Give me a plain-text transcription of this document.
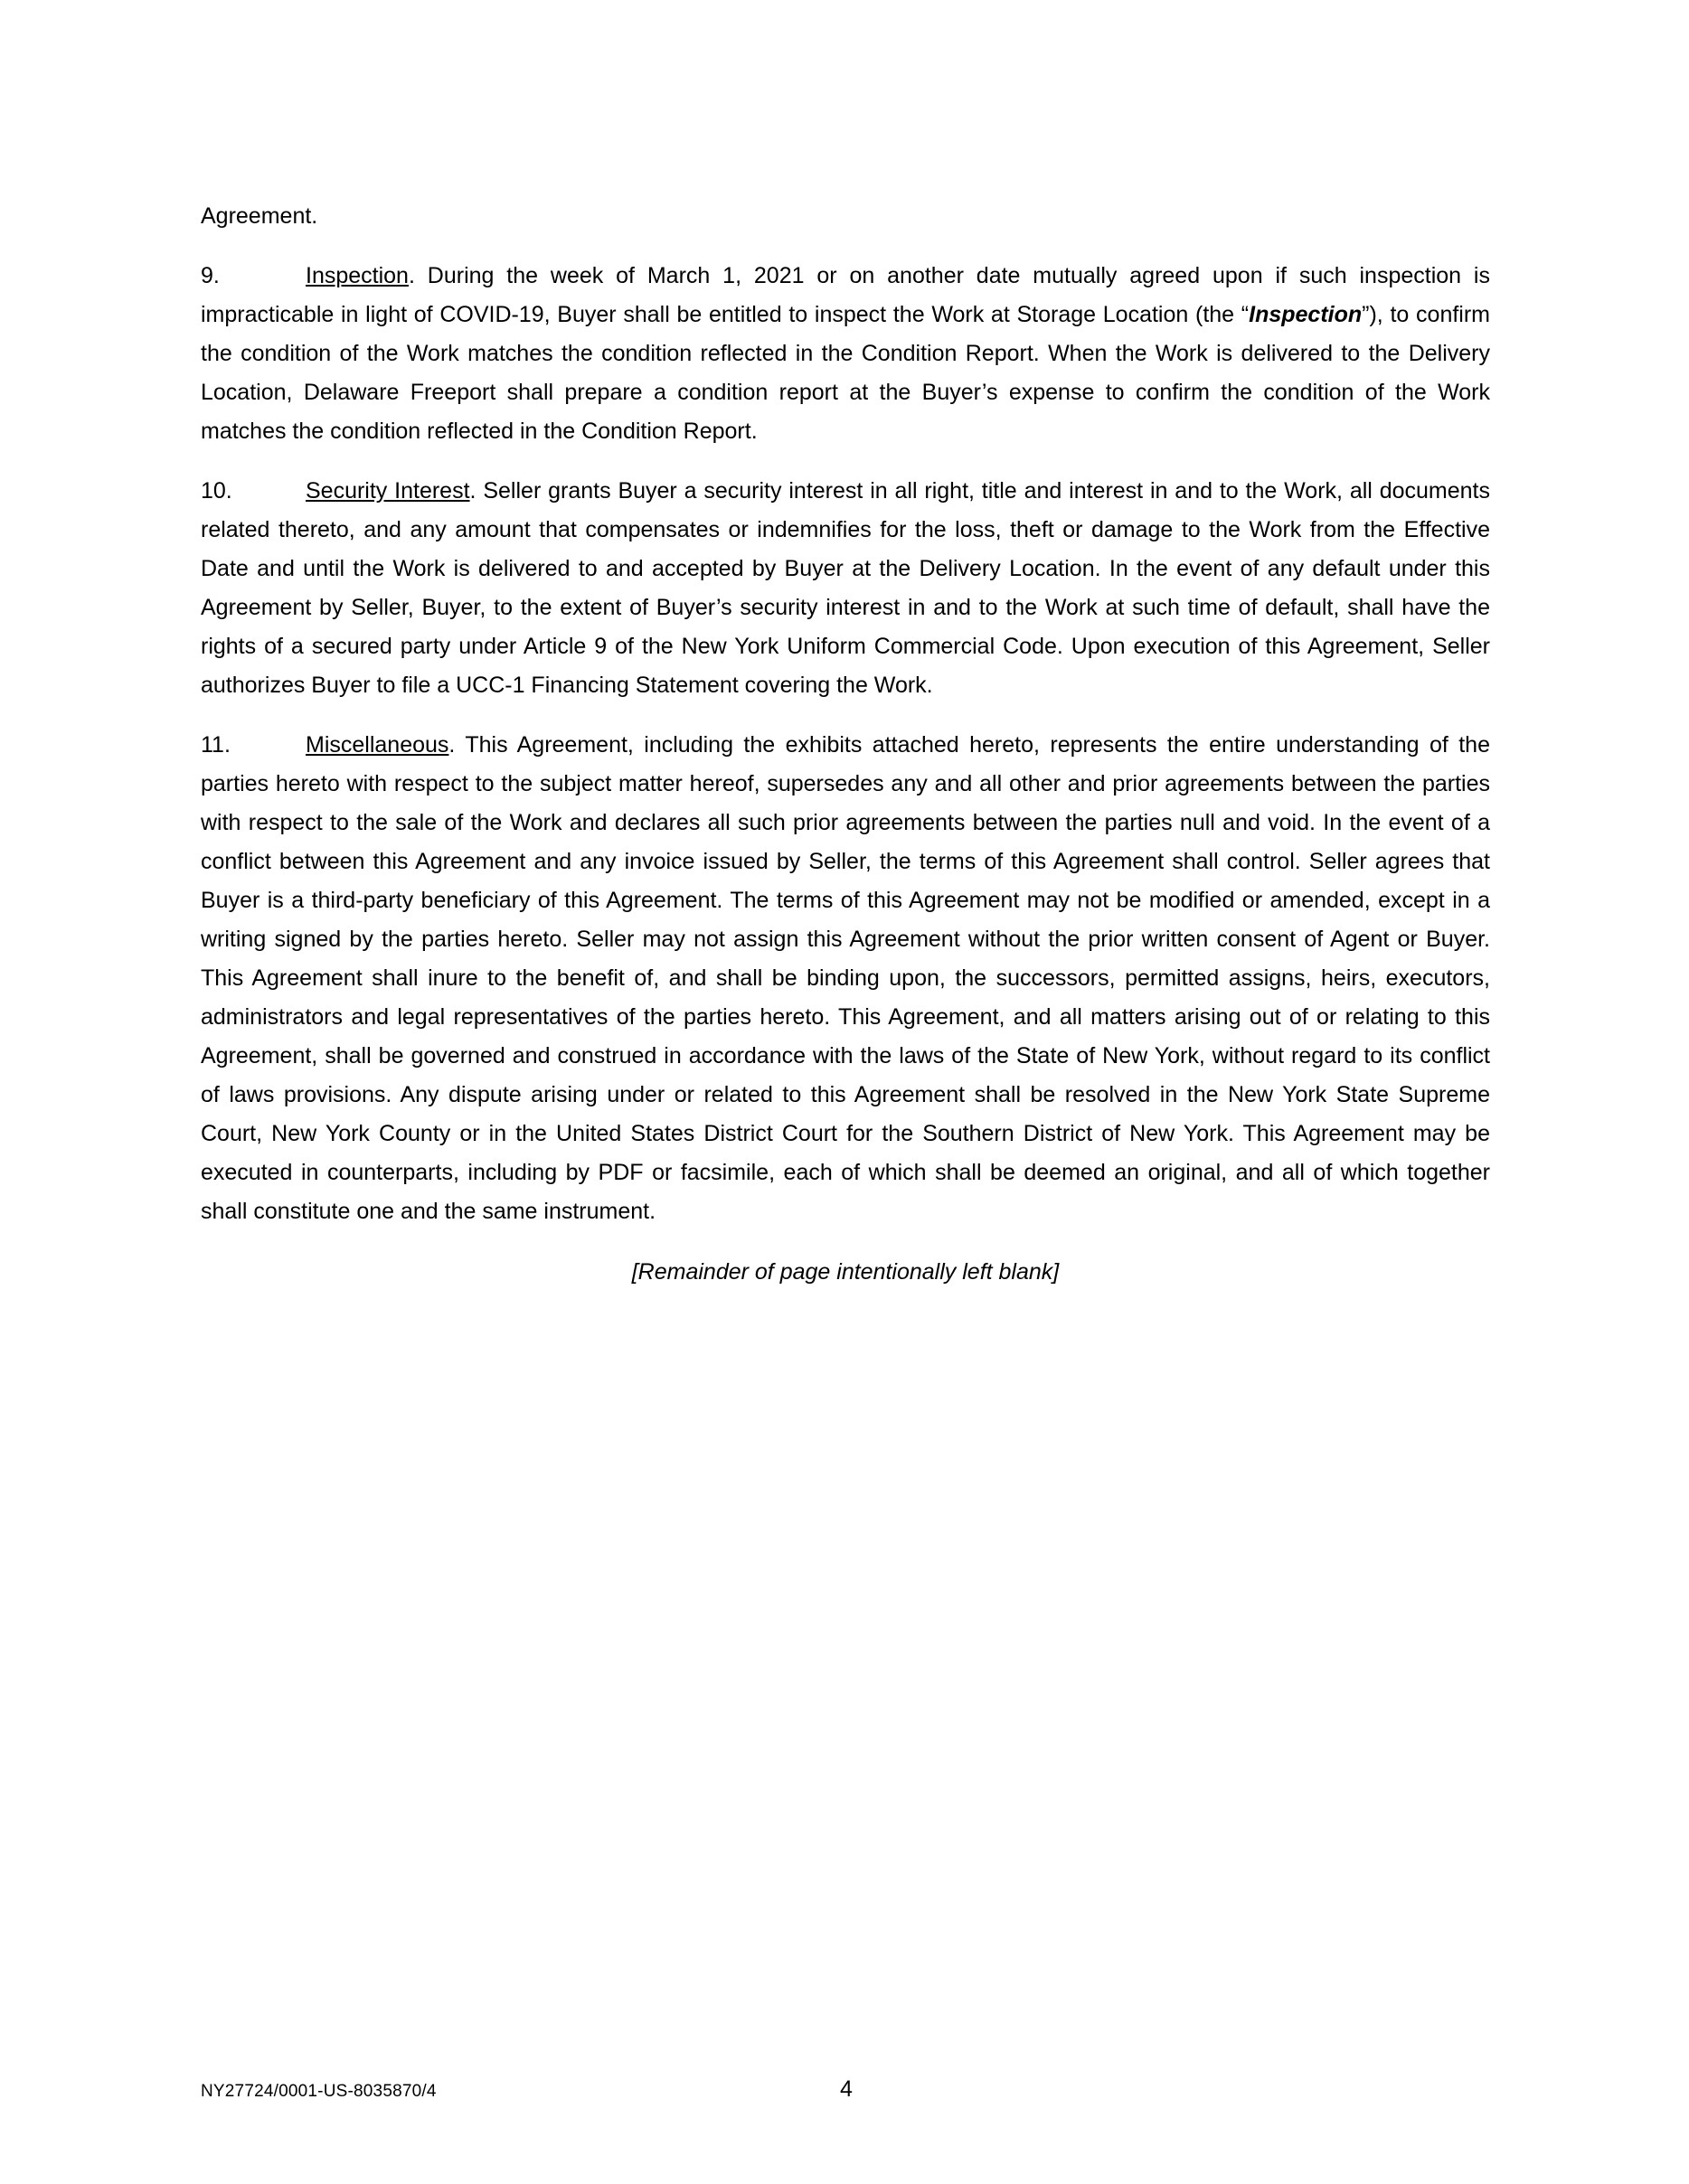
Agreement.

9.	Inspection. During the week of March 1, 2021 or on another date mutually agreed upon if such inspection is impracticable in light of COVID-19, Buyer shall be entitled to inspect the Work at Storage Location (the “Inspection”), to confirm the condition of the Work matches the condition reflected in the Condition Report. When the Work is delivered to the Delivery Location, Delaware Freeport shall prepare a condition report at the Buyer’s expense to confirm the condition of the Work matches the condition reflected in the Condition Report.

10.	Security Interest. Seller grants Buyer a security interest in all right, title and interest in and to the Work, all documents related thereto, and any amount that compensates or indemnifies for the loss, theft or damage to the Work from the Effective Date and until the Work is delivered to and accepted by Buyer at the Delivery Location. In the event of any default under this Agreement by Seller, Buyer, to the extent of Buyer’s security interest in and to the Work at such time of default, shall have the rights of a secured party under Article 9 of the New York Uniform Commercial Code. Upon execution of this Agreement, Seller authorizes Buyer to file a UCC-1 Financing Statement covering the Work.

11.	Miscellaneous. This Agreement, including the exhibits attached hereto, represents the entire understanding of the parties hereto with respect to the subject matter hereof, supersedes any and all other and prior agreements between the parties with respect to the sale of the Work and declares all such prior agreements between the parties null and void. In the event of a conflict between this Agreement and any invoice issued by Seller, the terms of this Agreement shall control. Seller agrees that Buyer is a third-party beneficiary of this Agreement. The terms of this Agreement may not be modified or amended, except in a writing signed by the parties hereto. Seller may not assign this Agreement without the prior written consent of Agent or Buyer. This Agreement shall inure to the benefit of, and shall be binding upon, the successors, permitted assigns, heirs, executors, administrators and legal representatives of the parties hereto. This Agreement, and all matters arising out of or relating to this Agreement, shall be governed and construed in accordance with the laws of the State of New York, without regard to its conflict of laws provisions. Any dispute arising under or related to this Agreement shall be resolved in the New York State Supreme Court, New York County or in the United States District Court for the Southern District of New York. This Agreement may be executed in counterparts, including by PDF or facsimile, each of which shall be deemed an original, and all of which together shall constitute one and the same instrument.

[Remainder of page intentionally left blank]

NY27724/0001-US-8035870/4	4
